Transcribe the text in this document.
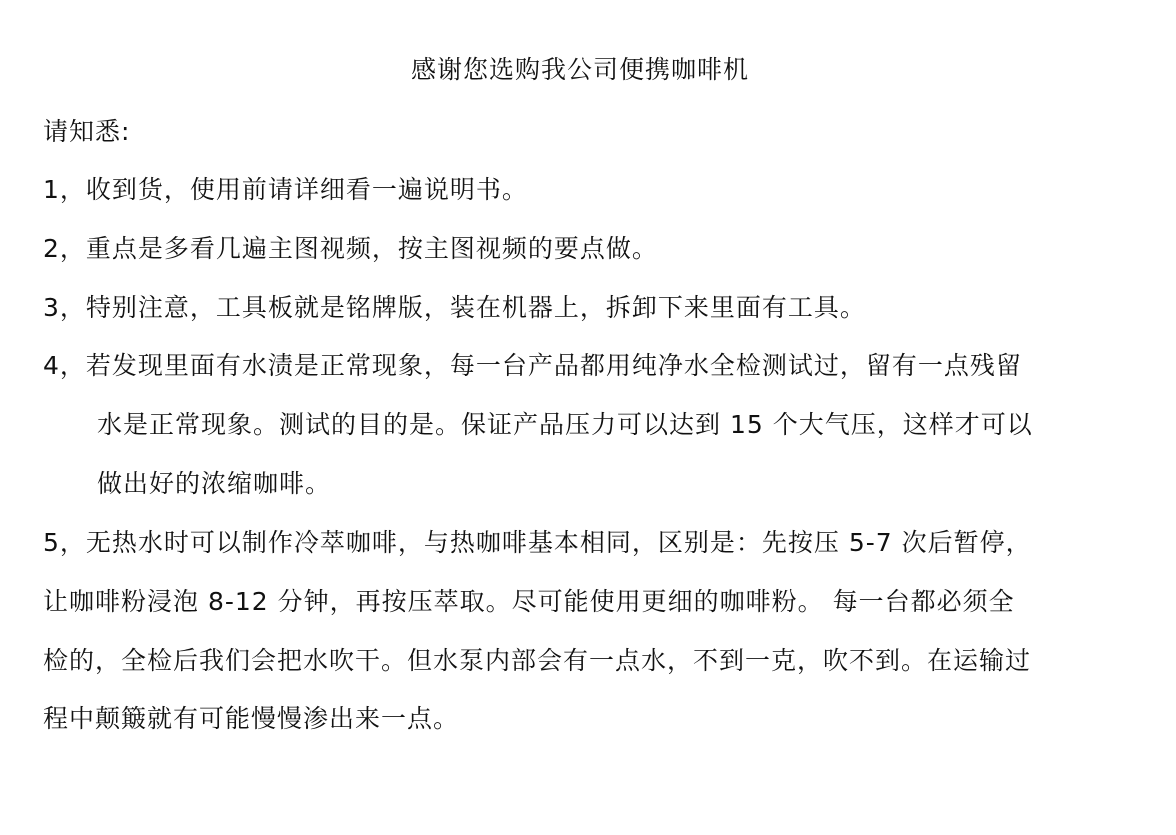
感谢您选购我公司便携咖啡机
请知悉:
1，收到货，使用前请详细看一遍说明书。
2，重点是多看几遍主图视频，按主图视频的要点做。
3，特别注意，工具板就是铭牌版，装在机器上，拆卸下来里面有工具。
4，若发现里面有水渍是正常现象，每一台产品都用纯净水全检测试过，留有一点残留
水是正常现象。测试的目的是。保证产品压力可以达到 15 个大气压，这样才可以
做出好的浓缩咖啡。
5，无热水时可以制作冷萃咖啡，与热咖啡基本相同，区别是：先按压 5-7 次后暂停，
让咖啡粉浸泡 8-12 分钟，再按压萃取。尽可能使用更细的咖啡粉。 每一台都必须全
检的，全检后我们会把水吹干。但水泵内部会有一点水，不到一克，吹不到。在运输过
程中颠簸就有可能慢慢渗出来一点。
